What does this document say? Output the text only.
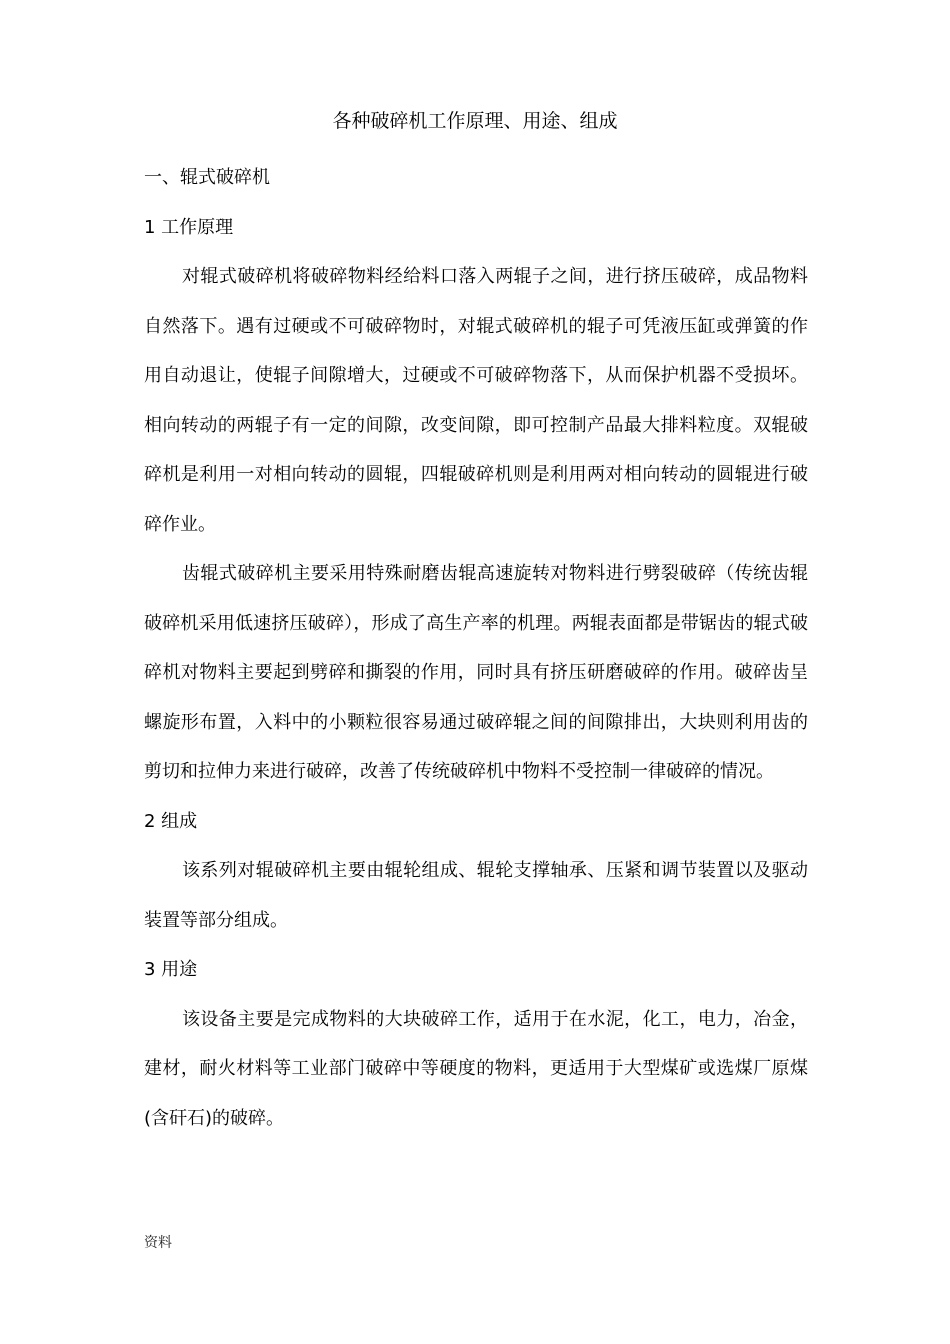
各种破碎机工作原理、用途、组成

一、辊式破碎机

1 工作原理

对辊式破碎机将破碎物料经给料口落入两辊子之间，进行挤压破碎，成品物料自然落下。遇有过硬或不可破碎物时，对辊式破碎机的辊子可凭液压缸或弹簧的作用自动退让，使辊子间隙增大，过硬或不可破碎物落下，从而保护机器不受损坏。相向转动的两辊子有一定的间隙，改变间隙，即可控制产品最大排料粒度。双辊破碎机是利用一对相向转动的圆辊，四辊破碎机则是利用两对相向转动的圆辊进行破碎作业。

齿辊式破碎机主要采用特殊耐磨齿辊高速旋转对物料进行劈裂破碎（传统齿辊破碎机采用低速挤压破碎），形成了高生产率的机理。两辊表面都是带锯齿的辊式破碎机对物料主要起到劈碎和撕裂的作用，同时具有挤压研磨破碎的作用。破碎齿呈螺旋形布置，入料中的小颗粒很容易通过破碎辊之间的间隙排出，大块则利用齿的剪切和拉伸力来进行破碎，改善了传统破碎机中物料不受控制一律破碎的情况。

2 组成

该系列对辊破碎机主要由辊轮组成、辊轮支撑轴承、压紧和调节装置以及驱动装置等部分组成。

3 用途

该设备主要是完成物料的大块破碎工作，适用于在水泥，化工，电力，冶金，建材，耐火材料等工业部门破碎中等硬度的物料，更适用于大型煤矿或选煤厂原煤(含矸石)的破碎。

资料
